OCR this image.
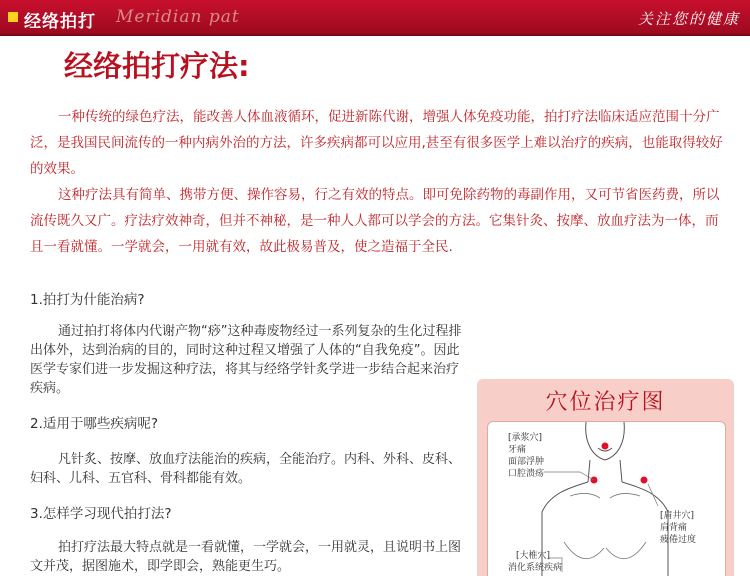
经络拍打 Meridian pat	关注您的健康
经络拍打疗法:

一种传统的绿色疗法，能改善人体血液循环，促进新陈代谢，增强人体免疫功能，拍打疗法临床适应范围十分广泛，是我国民间流传的一种内病外治的方法，许多疾病都可以应用,甚至有很多医学上难以治疗的疾病，也能取得较好的效果。

这种疗法具有简单、携带方便、操作容易，行之有效的特点。即可免除药物的毒副作用，又可节省医药费，所以流传既久又广。疗法疗效神奇，但并不神秘，是一种人人都可以学会的方法。它集针灸、按摩、放血疗法为一体，而且一看就懂。一学就会，一用就有效，故此极易普及，使之造福于全民.

1.拍打为什能治病?

通过拍打将体内代谢产物“痧”这种毒废物经过一系列复杂的生化过程排出体外，达到治病的目的，同时这种过程又增强了人体的“自我免疫”。因此医学专家们进一步发掘这种疗法，将其与经络学针炙学进一步结合起来治疗疾病。

2.适用于哪些疾病呢?

凡针炙、按摩、放血疗法能治的疾病，全能治疗。内科、外科、皮科、妇科、儿科、五官科、骨科都能有效。

3.怎样学习现代拍打法?

拍打疗法最大特点就是一看就懂，一学就会，一用就灵，且说明书上图文并茂，据图施术，即学即会，熟能更生巧。

穴位治疗图
[承浆穴]
牙痛
面部浮肿
口腔溃疡
[肩井穴]
肩背痛
疲倦过度
[大椎穴]
消化系统疾病
